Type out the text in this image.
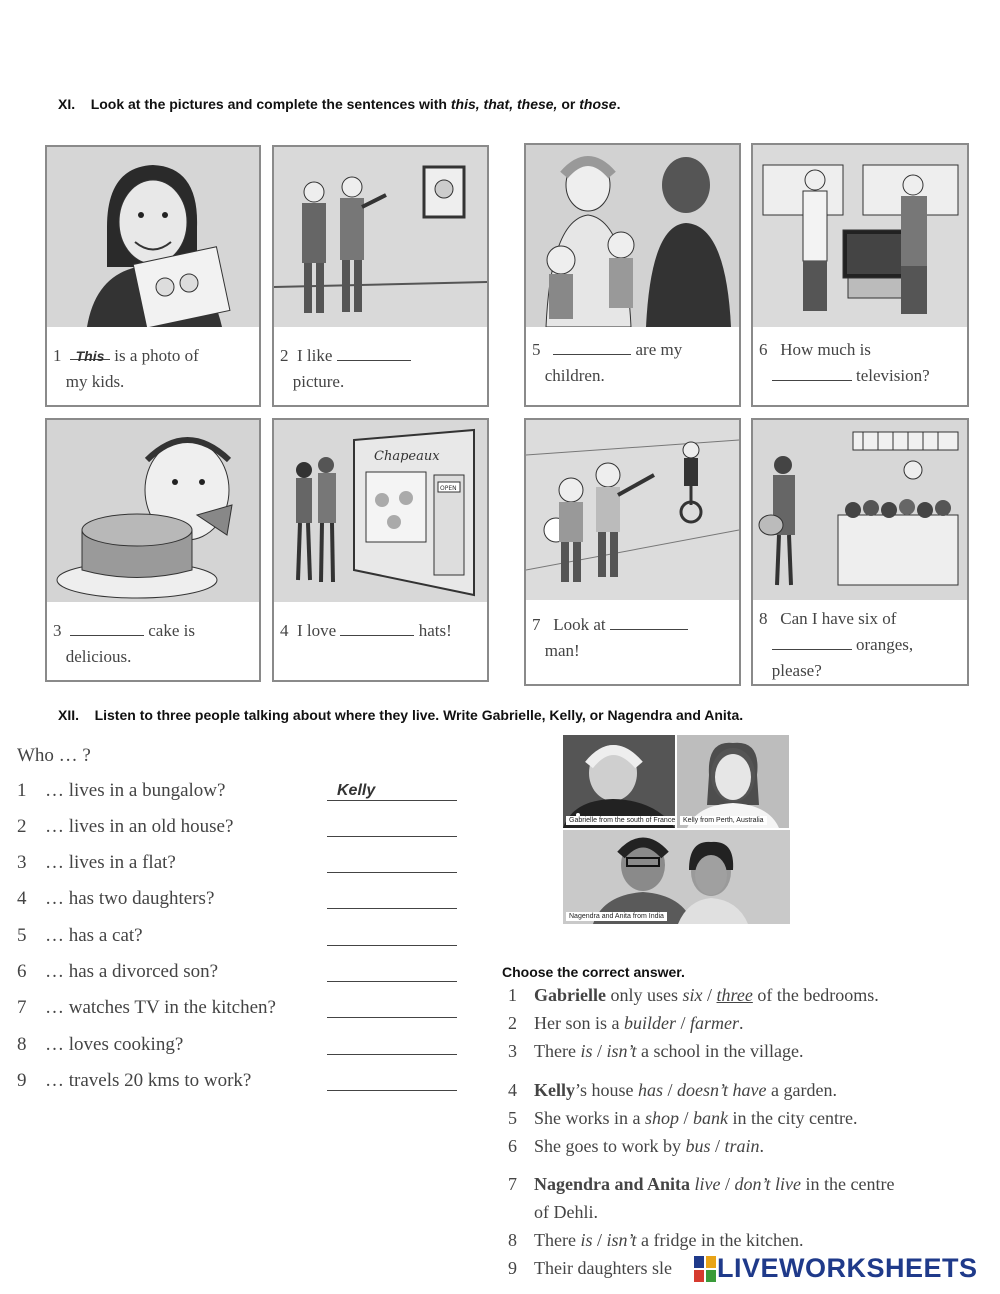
XI. Look at the pictures and complete the sentences with this, that, these, or those.
1 This is a photo of
my kids.
2 I like
picture.
3	cake is
delicious.
Chapeaux
OPEN
4 I love	hats!
5	are my
children.
6 How much is
television?
7 Look at
man!
8 Can I have six of
oranges,
please?
XII. Listen to three people talking about where they live. Write Gabrielle, Kelly, or Nagendra and Anita.
Who … ?
1 … lives in a bungalow?	Kelly
2 … lives in an old house?
3 … lives in a flat?
4 … has two daughters?
5 … has a cat?
6 … has a divorced son?
7 … watches TV in the kitchen?
8 … loves cooking?
9 … travels 20 kms to work?
Gabrielle from the south of France	Kelly from Perth, Australia
Nagendra and Anita from India
Choose the correct answer.
1 Gabrielle only uses six / three of the bedrooms.
2 Her son is a builder / farmer.
3 There is / isn’t a school in the village.
4 Kelly’s house has / doesn’t have a garden.
5 She works in a shop / bank in the city centre.
6 She goes to work by bus / train.
7 Nagendra and Anita live / don’t live in the centre
of Dehli.
8 There is / isn’t a fridge in the kitchen.
9 Their daughters sle LIVEWORKSHEETS
